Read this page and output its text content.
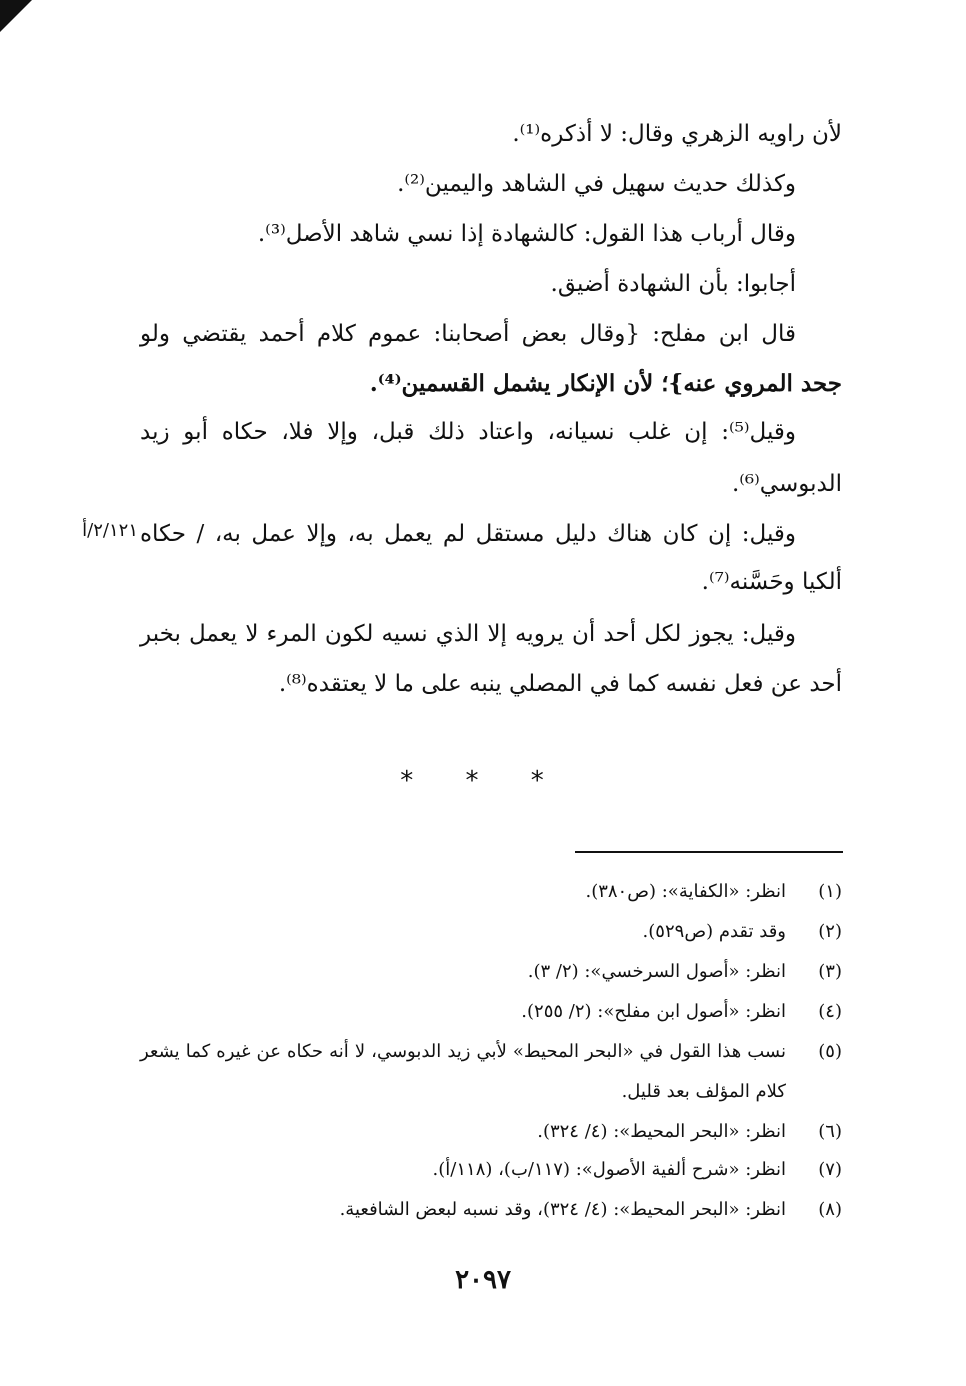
لأن راويه الزهري وقال: لا أذكره⁽¹⁾.
وكذلك حديث سهيل في الشاهد واليمين⁽²⁾.
وقال أرباب هذا القول: كالشهادة إذا نسي شاهد الأصل⁽³⁾.
أجابوا: بأن الشهادة أضيق.
قال ابن مفلح: {وقال بعض أصحابنا: عموم كلام أحمد يقتضي ولو
جحد المروي عنه}؛ لأن الإنكار يشمل القسمين⁽⁴⁾.
وقيل⁽⁵⁾: إن غلب نسيانه، واعتاد ذلك قبل، وإلا فلا، حكاه أبو زيد
الدبوسي⁽⁶⁾.
وقيل: إن كان هناك دليل مستقل لم يعمل به، وإلا عمل به، / حكاه
ألكيا وحَسَّنه⁽⁷⁾.
وقيل: يجوز لكل أحد أن يرويه إلا الذي نسيه لكون المرء لا يعمل بخبر
أحد عن فعل نفسه كما في المصلي ينبه على ما لا يعتقده⁽⁸⁾.
٢/١٢١/أ
* * *
(١)
انظر: «الكفاية»: (ص٣٨٠).
(٢)
وقد تقدم (ص٥٢٩).
(٣)
انظر: «أصول السرخسي»: (٢/ ٣).
(٤)
انظر: «أصول ابن مفلح»: (٢/ ٢٥٥).
(٥)
نسب هذا القول في «البحر المحيط» لأبي زيد الدبوسي، لا أنه حكاه عن غيره كما يشعر
كلام المؤلف بعد قليل.
(٦)
انظر: «البحر المحيط»: (٤/ ٣٢٤).
(٧)
انظر: «شرح ألفية الأصول»: (١١٧/ب)، (١١٨/أ).
(٨)
انظر: «البحر المحيط»: (٤/ ٣٢٤)، وقد نسبه لبعض الشافعية.
٢٠٩٧
